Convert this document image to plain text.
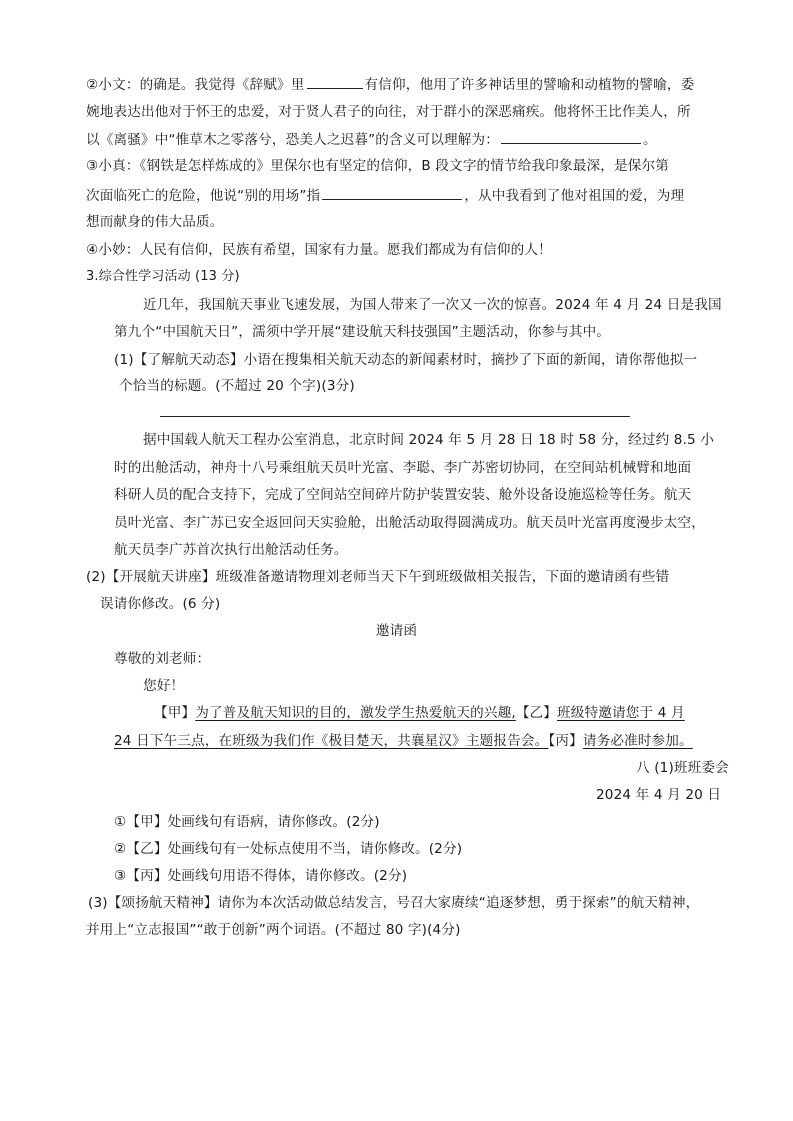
②小文：的确是。我觉得《辞赋》里	有信仰，他用了许多神话里的譬喻和动植物的譬喻，委
婉地表达出他对于怀王的忠爱，对于贤人君子的向往，对于群小的深恶痛疾。他将怀王比作美人，所
以《离骚》中“惟草木之零落兮，恐美人之迟暮”的含义可以理解为：	。
③小真：《钢铁是怎样炼成的》里保尔也有坚定的信仰，B 段文字的情节给我印象最深，是保尔第
次面临死亡的危险，他说“别的用场”指	，从中我看到了他对祖国的爱，为理
想而献身的伟大品质。
④小妙：人民有信仰，民族有希望，国家有力量。愿我们都成为有信仰的人！
3.综合性学习活动 (13 分)
近几年，我国航天事业飞速发展，为国人带来了一次又一次的惊喜。2024 年 4 月 24 日是我国
第九个“中国航天日”，濡须中学开展“建设航天科技强国”主题活动，你参与其中。
(1)【了解航天动态】小语在搜集相关航天动态的新闻素材时，摘抄了下面的新闻，请你帮他拟一
个恰当的标题。(不超过 20 个字)(3分)
据中国载人航天工程办公室消息，北京时间 2024 年 5 月 28 日 18 时 58 分，经过约 8.5 小
时的出舱活动，神舟十八号乘组航天员叶光富、李聪、李广苏密切协同，在空间站机械臂和地面
科研人员的配合支持下，完成了空间站空间碎片防护装置安装、舱外设备设施巡检等任务。航天
员叶光富、李广苏已安全返回问天实验舱，出舱活动取得圆满成功。航天员叶光富再度漫步太空，
航天员李广苏首次执行出舱活动任务。
(2)【开展航天讲座】班级准备邀请物理刘老师当天下午到班级做相关报告，下面的邀请函有些错
误请你修改。(6 分)
邀请函
尊敬的刘老师：
您好！
【甲】为了普及航天知识的目的，激发学生热爱航天的兴趣,【乙】班级特邀请您于 4 月
24 日下午三点，在班级为我们作《极目楚天，共襄星汉》主题报告会。【丙】请务必准时参加。
八 (1)班班委会
2024 年 4 月 20 日
①【甲】处画线句有语病，请你修改。(2分)
②【乙】处画线句有一处标点使用不当，请你修改。(2分)
③【丙】处画线句用语不得体，请你修改。(2分)
(3)【颂扬航天精神】请你为本次活动做总结发言，号召大家赓续“追逐梦想，勇于探索”的航天精神，
并用上“立志报国”“敢于创新”两个词语。(不超过 80 字)(4分)
